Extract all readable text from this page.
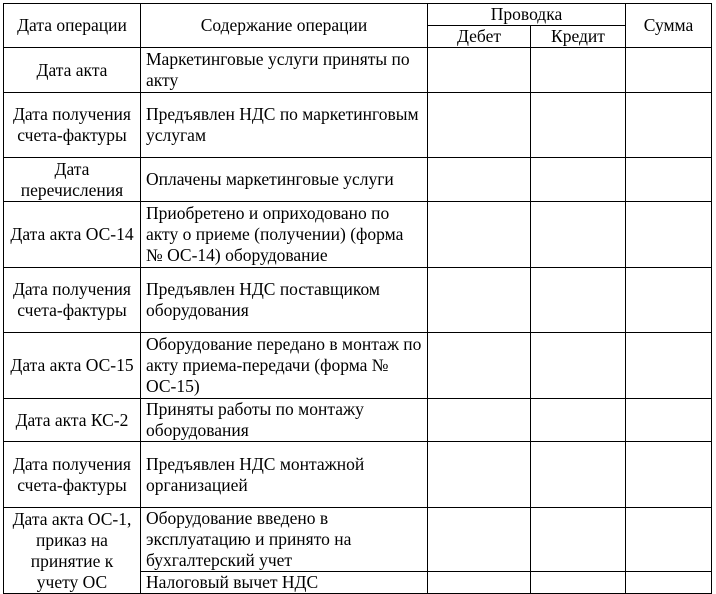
Дата операции	Содержание операции	Проводка		Сумма
		Дебет	Кредит	
Дата акта	Маркетинговые услуги приняты по акту			
Дата получения счета-фактуры	Предъявлен НДС по маркетинговым услугам			
Дата перечисления	Оплачены маркетинговые услуги			
Дата акта ОС-14	Приобретено и оприходовано по акту о приеме (получении) (форма № ОС-14) оборудование			
Дата получения счета-фактуры	Предъявлен НДС поставщиком оборудования			
Дата акта ОС-15	Оборудование передано в монтаж по акту приема-передачи (форма № ОС-15)			
Дата акта КС-2	Приняты работы по монтажу оборудования			
Дата получения счета-фактуры	Предъявлен НДС монтажной организацией			
Дата акта ОС-1, приказ на принятие к учету ОС	Оборудование введено в эксплуатацию и принято на бухгалтерский учет			
	Налоговый вычет НДС			
